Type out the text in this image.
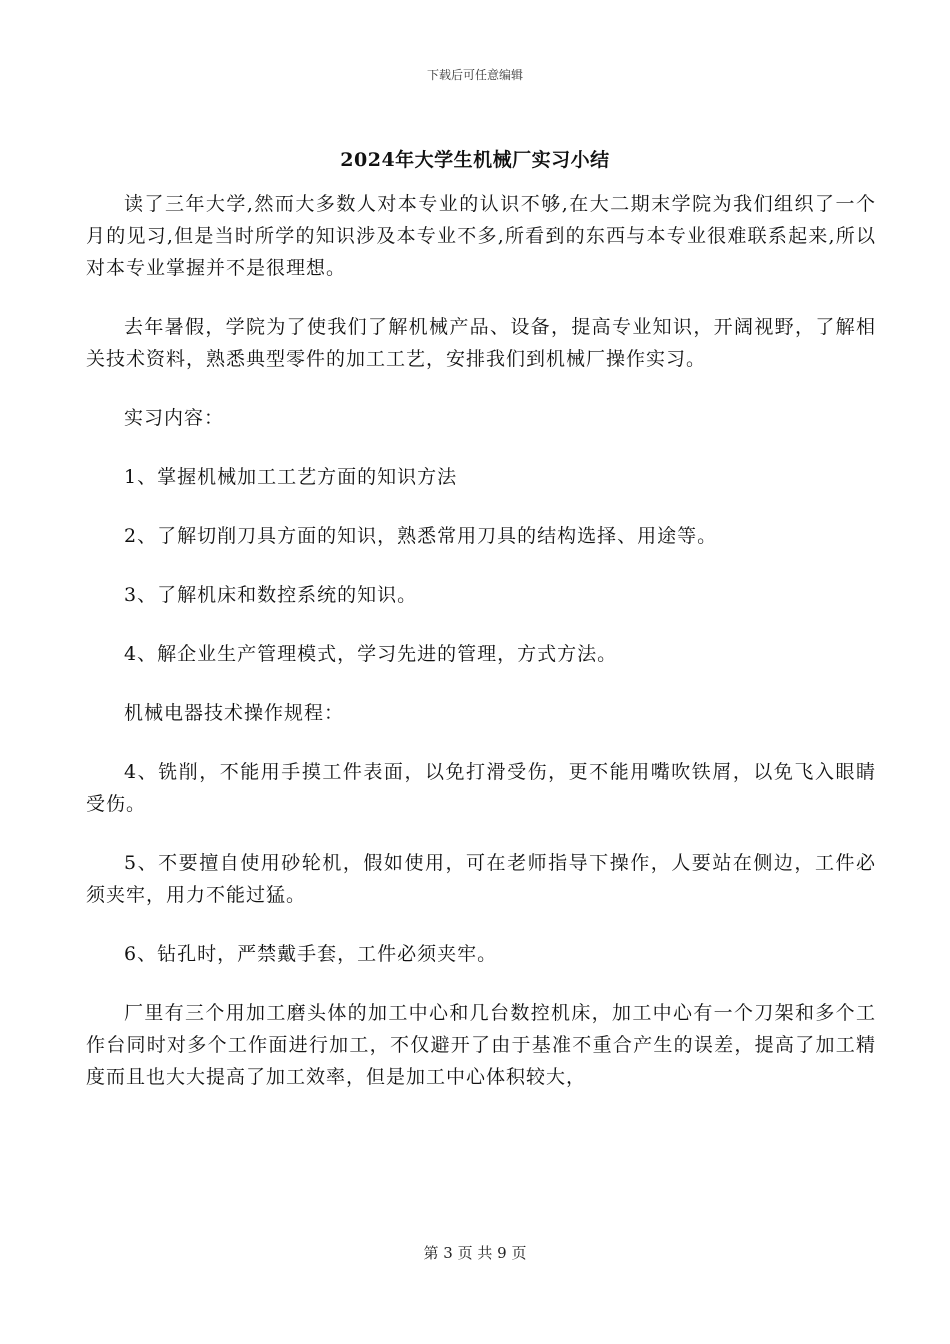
下载后可任意编辑
2024年大学生机械厂实习小结

读了三年大学,然而大多数人对本专业的认识不够,在大二期末学院为我们组织了一个月的见习,但是当时所学的知识涉及本专业不多,所看到的东西与本专业很难联系起来,所以对本专业掌握并不是很理想。

去年暑假，学院为了使我们了解机械产品、设备，提高专业知识，开阔视野，了解相关技术资料，熟悉典型零件的加工工艺，安排我们到机械厂操作实习。

实习内容：

1、掌握机械加工工艺方面的知识方法

2、了解切削刀具方面的知识，熟悉常用刀具的结构选择、用途等。

3、了解机床和数控系统的知识。

4、解企业生产管理模式，学习先进的管理，方式方法。

机械电器技术操作规程：

4、铣削，不能用手摸工件表面，以免打滑受伤，更不能用嘴吹铁屑，以免飞入眼睛受伤。

5、不要擅自使用砂轮机，假如使用，可在老师指导下操作，人要站在侧边，工件必须夹牢，用力不能过猛。

6、钻孔时，严禁戴手套，工件必须夹牢。

厂里有三个用加工磨头体的加工中心和几台数控机床，加工中心有一个刀架和多个工作台同时对多个工作面进行加工，不仅避开了由于基准不重合产生的误差，提高了加工精度而且也大大提高了加工效率，但是加工中心体积较大，

第 3 页 共 9 页
